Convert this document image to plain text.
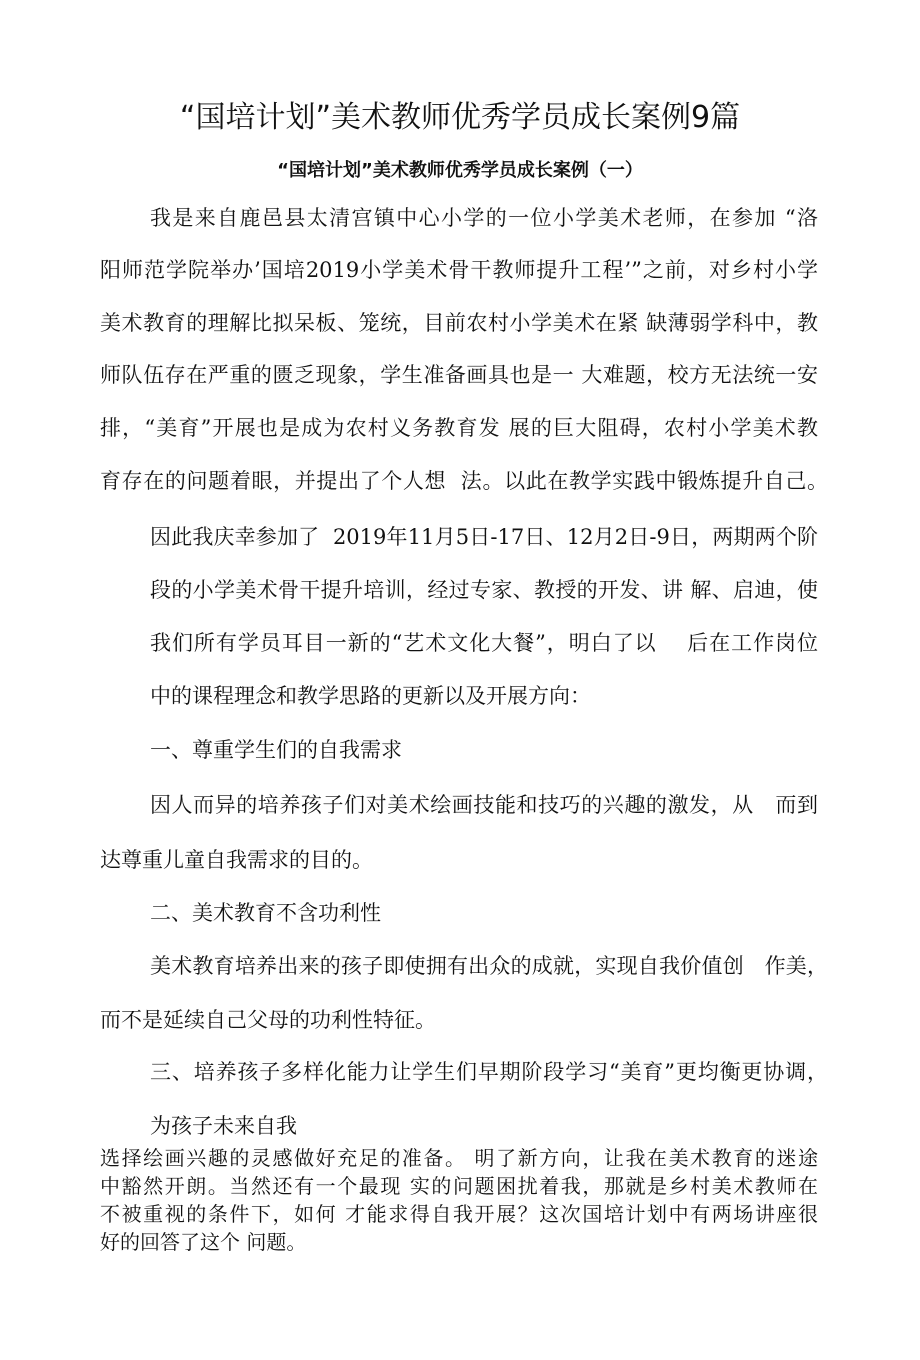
“国培计划”美术教师优秀学员成长案例9篇
“国培计划”美术教师优秀学员成长案例（一）
我是来自鹿邑县太清宫镇中心小学的一位小学美术老师，在参加 “洛
阳师范学院举办’国培2019小学美术骨干教师提升工程’”之前，对乡村小学
美术教育的理解比拟呆板、笼统，目前农村小学美术在紧 缺薄弱学科中，教
师队伍存在严重的匮乏现象，学生准备画具也是一 大难题，校方无法统一安
排，“美育”开展也是成为农村义务教育发 展的巨大阻碍，农村小学美术教
育存在的问题着眼，并提出了个人想  法。以此在教学实践中锻炼提升自己。
因此我庆幸参加了  2019年11月5日-17日、12月2日-9日，两期两个阶
段的小学美术骨干提升培训，经过专家、教授的开发、讲 解、启迪，使
我们所有学员耳目一新的“艺术文化大餐”，明白了以    后在工作岗位
中的课程理念和教学思路的更新以及开展方向：
一、尊重学生们的自我需求
因人而异的培养孩子们对美术绘画技能和技巧的兴趣的激发，从   而到
达尊重儿童自我需求的目的。
二、美术教育不含功利性
美术教育培养出来的孩子即使拥有出众的成就，实现自我价值创   作美，
而不是延续自己父母的功利性特征。
三、培养孩子多样化能力让学生们早期阶段学习“美育”更均衡更协调，
为孩子未来自我
选择绘画兴趣的灵感做好充足的准备。 明了新方向，让我在美术教育的迷途
中豁然开朗。当然还有一个最现 实的问题困扰着我，那就是乡村美术教师在
不被重视的条件下，如何 才能求得自我开展？这次国培计划中有两场讲座很
好的回答了这个 问题。
